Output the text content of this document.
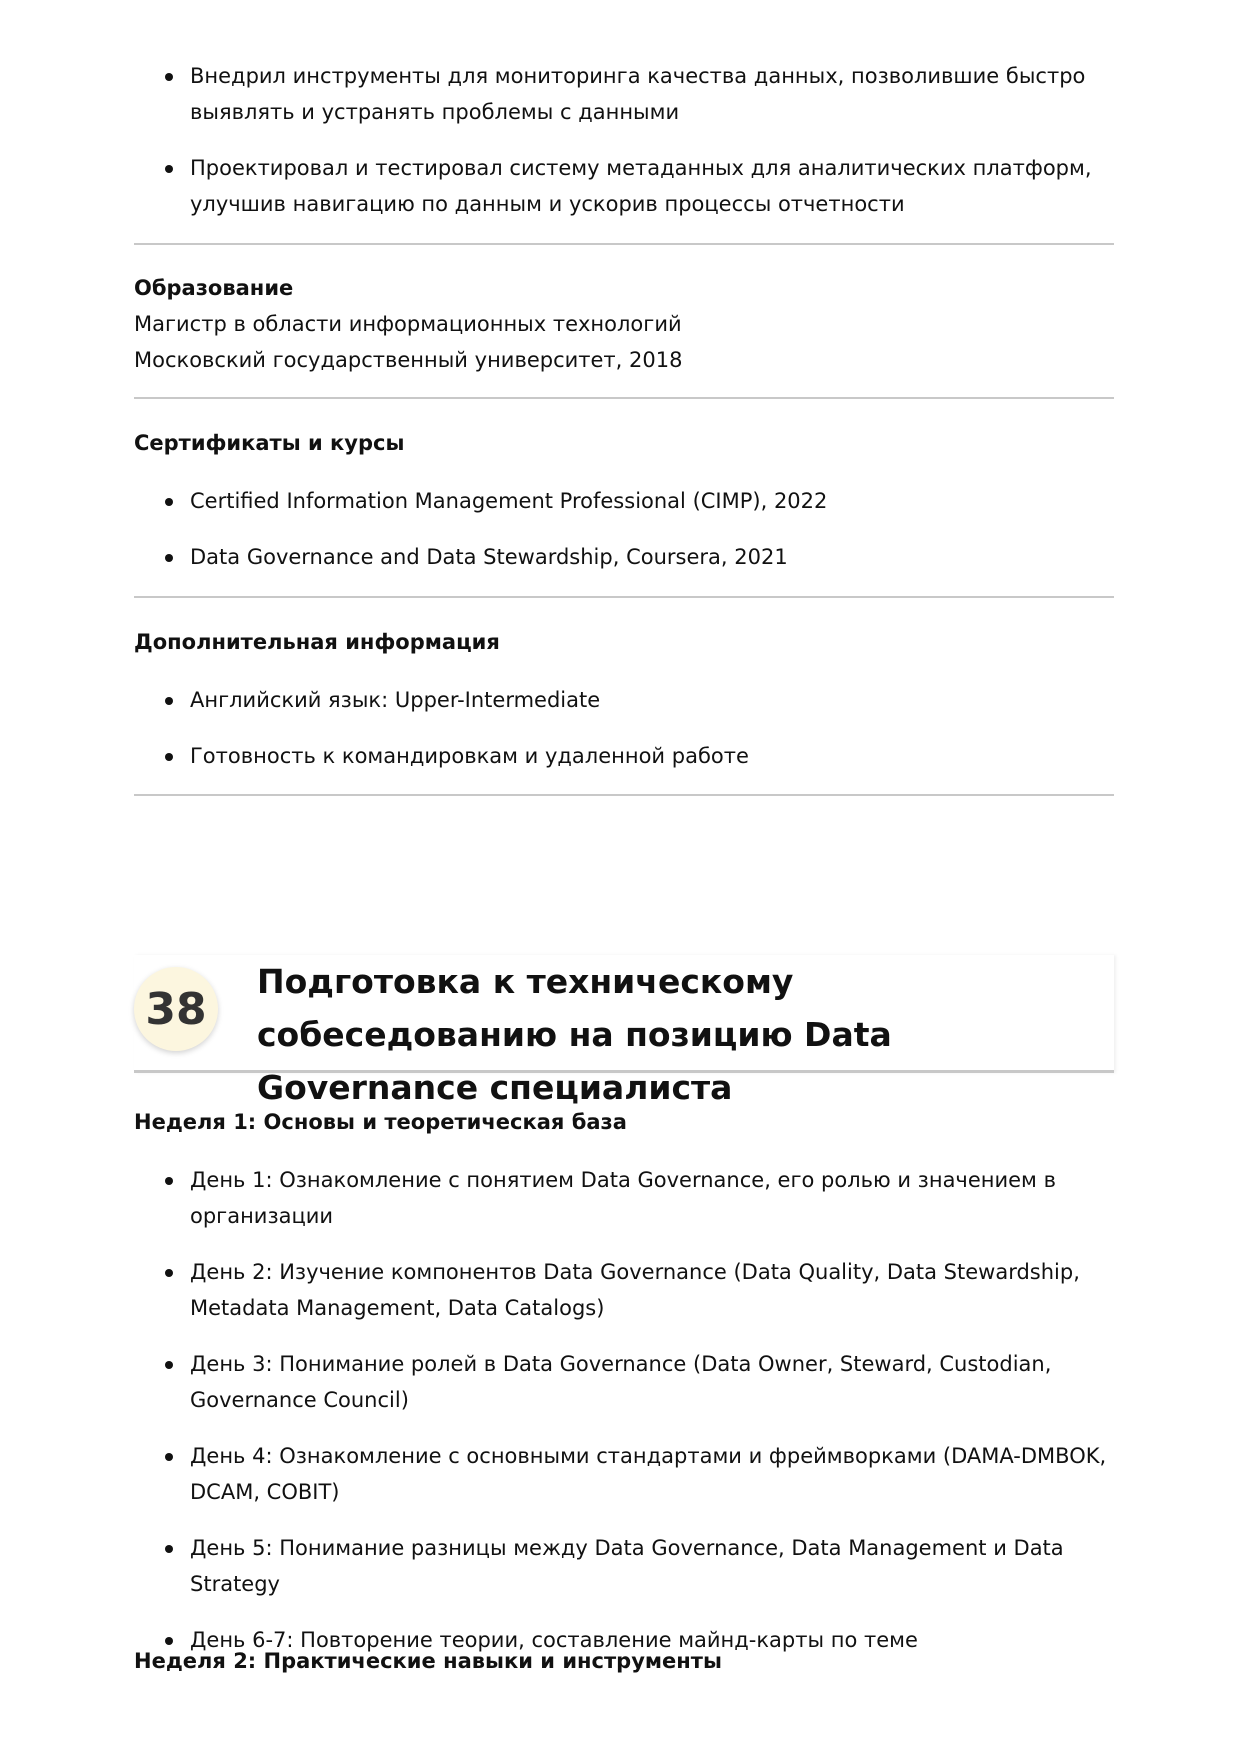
Внедрил инструменты для мониторинга качества данных, позволившие быстро выявлять и устранять проблемы с данными
Проектировал и тестировал систему метаданных для аналитических платформ, улучшив навигацию по данным и ускорив процессы отчетности
Образование
Магистр в области информационных технологий
Московский государственный университет, 2018
Сертификаты и курсы
Certified Information Management Professional (CIMP), 2022
Data Governance and Data Stewardship, Coursera, 2021
Дополнительная информация
Английский язык: Upper-Intermediate
Готовность к командировкам и удаленной работе
38
Подготовка к техническому собеседованию на позицию Data Governance специалиста
Неделя 1: Основы и теоретическая база
День 1: Ознакомление с понятием Data Governance, его ролью и значением в организации
День 2: Изучение компонентов Data Governance (Data Quality, Data Stewardship, Metadata Management, Data Catalogs)
День 3: Понимание ролей в Data Governance (Data Owner, Steward, Custodian, Governance Council)
День 4: Ознакомление с основными стандартами и фреймворками (DAMA-DMBOK, DCAM, COBIT)
День 5: Понимание разницы между Data Governance, Data Management и Data Strategy
День 6-7: Повторение теории, составление майнд-карты по теме
Неделя 2: Практические навыки и инструменты
